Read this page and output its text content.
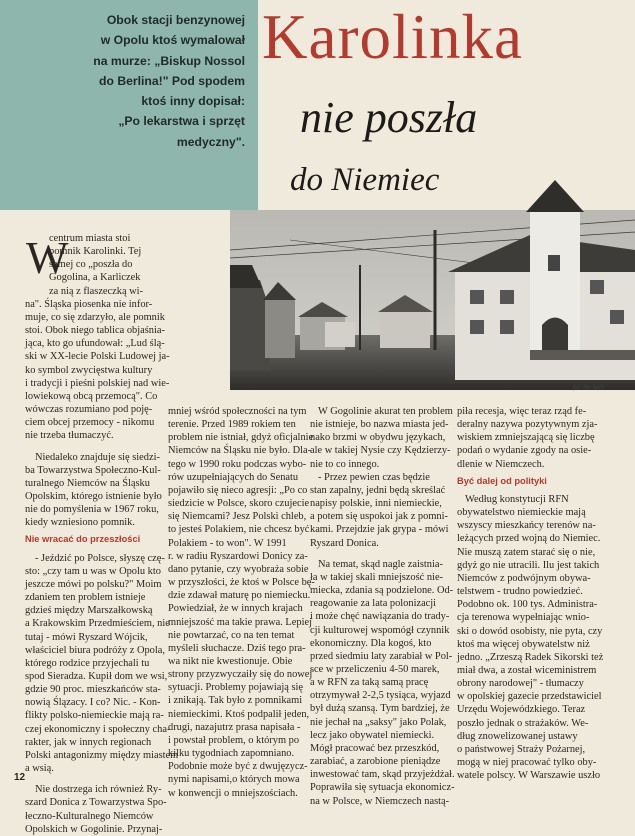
Obok stacji benzynowej
w Opolu ktoś wymalował
na murze: „Biskup Nossol
do Berlina!" Pod spodem
ktoś inny dopisał:
„Po lekarstwa i sprzęt
medyczny".
Karolinka
nie poszła
do Niemiec
fot. Jan Sech
W
centrum miasta stoi
pomnik Karolinki. Tej
samej co „poszła do
Gogolina, a Karliczek
za nią z flaszeczką wi-
na". Śląska piosenka nie infor-
muje, co się zdarzyło, ale pomnik
stoi. Obok niego tablica objaśnia-
jąca, kto go ufundował: „Lud ślą-
ski w XX-lecie Polski Ludowej ja-
ko symbol zwycięstwa kultury
i tradycji i pieśni polskiej nad wie-
lowiekową obcą przemocą". Co
wówczas rozumiano pod poję-
ciem obcej przemocy - nikomu
nie trzeba tłumaczyć.
Niedaleko znajduje się siedzi-
ba Towarzystwa Społeczno-Kul-
turalnego Niemców na Śląsku
Opolskim, którego istnienie było
nie do pomyślenia w 1967 roku,
kiedy wzniesiono pomnik.
Nie wracać do przeszłości
- Jeździć po Polsce, słyszę czę-
sto: „czy tam u was w Opolu kto
jeszcze mówi po polsku?" Moim
zdaniem ten problem istnieje
gdzieś między Marszałkowską
a Krakowskim Przedmieściem, nie
tutaj - mówi Ryszard Wójcik,
właściciel biura podróży z Opola,
którego rodzice przyjechali tu
spod Sieradza. Kupił dom we wsi,
gdzie 90 proc. mieszkańców sta-
nowią Ślązacy. I co? Nic. - Kon-
flikty polsko-niemieckie mają ra-
czej ekonomiczny i społeczny cha-
rakter, jak w innych regionach
Polski antagonizmy między miastem
a wsią.
Nie dostrzega ich również Ry-
szard Donica z Towarzystwa Spo-
łeczno-Kulturalnego Niemców
Opolskich w Gogolinie. Przynaj-
mniej wśród społeczności na tym
terenie. Przed 1989 rokiem ten
problem nie istniał, gdyż oficjalnie
Niemców na Śląsku nie było. Dla-
tego w 1990 roku podczas wybo-
rów uzupełniających do Senatu
pojawiło się nieco agresji: „Po co
siedzicie w Polsce, skoro czujecie
się Niemcami? Jesz Polski chleb,
to jesteś Polakiem, nie chcesz być
Polakiem - to won". W 1991
r. w radiu Ryszardowi Donicy za-
dano pytanie, czy wyobraża sobie
w przyszłości, że ktoś w Polsce bę-
dzie zdawał maturę po niemiecku.
Powiedział, że w innych krajach
mniejszość ma takie prawa. Lepiej
nie powtarzać, co na ten temat
myśleli słuchacze. Dziś tego pra-
wa nikt nie kwestionuje. Obie
strony przyzwyczaiły się do nowej
sytuacji. Problemy pojawiają się
i znikają. Tak było z pomnikami
niemieckimi. Ktoś podpalił jeden,
drugi, nazajutrz prasa napisała -
i powstał problem, o którym po
kilku tygodniach zapomniano.
Podobnie może być z dwujęzycz-
nymi napisami,o których mowa
w konwencji o mniejszościach.
W Gogolinie akurat ten problem
nie istnieje, bo nazwa miasta jed-
nako brzmi w obydwu językach,
ale w takiej Nysie czy Kędzierzy-
nie to co innego.
- Przez pewien czas będzie
stan zapalny, jedni będą skreślać
napisy polskie, inni niemieckie,
a potem się uspokoi jak z pomni-
kami. Przejdzie jak grypa - mówi
Ryszard Donica.
Na temat, skąd nagle zaistnia-
ła w takiej skali mniejszość nie-
miecka, zdania są podzielone. Od-
reagowanie za lata polonizacji
i może chęć nawiązania do trady-
cji kulturowej wspomógł czynnik
ekonomiczny. Dla kogoś, kto
przed siedmiu laty zarabiał w Pol-
sce w przeliczeniu 4-50 marek,
a w RFN za taką samą pracę
otrzymywał 2-2,5 tysiąca, wyjazd
był dużą szansą. Tym bardziej, że
nie jechał na „saksy" jako Polak,
lecz jako obywatel niemiecki.
Mógł pracować bez przeszkód,
zarabiać, a zarobione pieniądze
inwestować tam, skąd przyjeżdżał.
Poprawiła się sytuacja ekonomicz-
na w Polsce, w Niemczech nastą-
piła recesja, więc teraz rząd fe-
deralny nazywa pozytywnym zja-
wiskiem zmniejszającą się liczbę
podań o wydanie zgody na osie-
dlenie w Niemczech.
Być dalej od polityki
Według konstytucji RFN
obywatelstwo niemieckie mają
wszyscy mieszkańcy terenów na-
leżących przed wojną do Niemiec.
Nie muszą zatem starać się o nie,
gdyż go nie utracili. Ilu jest takich
Niemców z podwójnym obywa-
telstwem - trudno powiedzieć.
Podobno ok. 100 tys. Administra-
cja terenowa wypełniając wnio-
ski o dowód osobisty, nie pyta, czy
ktoś ma więcej obywatelstw niż
jedno. „Zrzeszą Radek Sikorski też
miał dwa, a został wiceministrem
obrony narodowej" - tłumaczy
w opolskiej gazecie przedstawiciel
Urzędu Wojewódzkiego. Teraz
poszło jednak o strażaków. We-
dług znowelizowanej ustawy
o państwowej Straży Pożarnej,
mogą w niej pracować tylko oby-
watele polscy. W Warszawie uszło
12
